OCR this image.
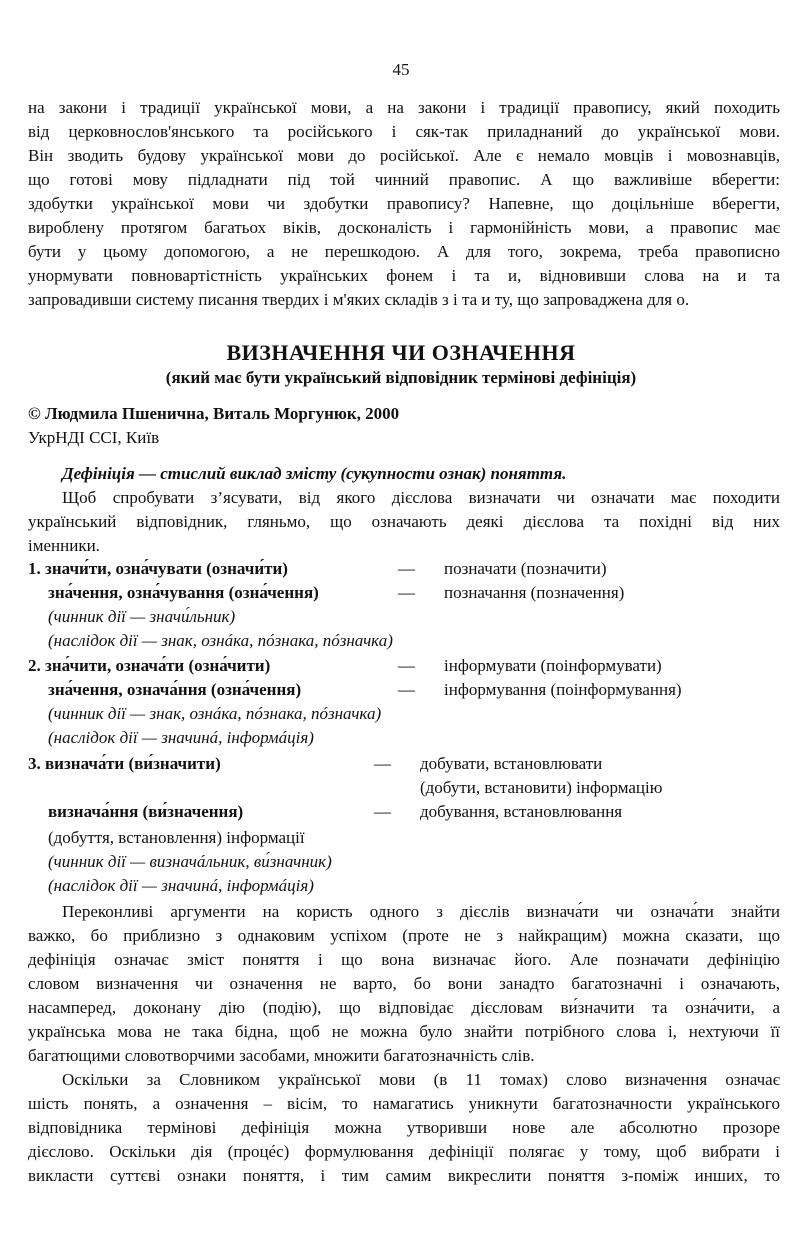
45
на закони і традиції української мови, а на закони і традиції правопису, який походить
від церковнослов'янського та російського і сяк-так приладнаний до української мови.
Він зводить будову української мови до російської. Але є немало мовців і мовознавців,
що готові мову підладнати під той чинний правопис. А що важливіше вберегти:
здобутки української мови чи здобутки правопису? Напевне, що доцільніше вберегти,
вироблену протягом багатьох віків, досконалість і гармонійність мови, а правопис має
бути у цьому допомогою, а не перешкодою. А для того, зокрема, треба правописно
унормувати повновартістність українських фонем і та и, відновивши слова на и та
запровадивши систему писання твердих і м'яких складів з і та и ту, що запроваджена для о.
ВИЗНАЧЕННЯ ЧИ ОЗНАЧЕННЯ
(який має бути український відповідник термінові дефініція)
© Людмила Пшенична, Виталь Моргунюк, 2000
УкрНДІ ССІ, Київ
Дефініція — стислий виклад змісту (сукупности ознак) поняття.
Щоб спробувати з’ясувати, від якого дієслова визначати чи означати має походити
український відповідник, гляньмо, що означають деякі дієслова та похідні від них
іменники.
1. значи́ти, озна́чувати (означи́ти)	— позначати (позначити)
зна́чення, озна́чування (озна́чення)	— позначання (позначення)
(чинник дії — значи́льник)
(наслідок дії — знак, ознáка, пóзнака, пóзначка)
2. зна́чити, означа́ти (озна́чити)	— інформувати (поінформувати)
зна́чення, означа́ння (озна́чення)	— інформування (поінформування)
(чинник дії — знак, ознáка, пóзнака, пóзначка)
(наслідок дії — значинá, інформáція)
3. визнача́ти (ви́значити)	— добувати, встановлювати
(добути, встановити) інформацію
визнача́ння (ви́значення)	— добування, встановлювання
(добуття, встановлення) інформації
(чинник дії — визначáльник, ви́значник)
(наслідок дії — значинá, інформáція)
Переконливі аргументи на користь одного з дієслів визнача́ти чи означа́ти знайти
важко, бо приблизно з однаковим успіхом (проте не з найкращим) можна сказати, що
дефініція означає зміст поняття і що вона визначає його. Але позначати дефініцію
словом визначення чи означення не варто, бо вони занадто багатозначні і означають,
насамперед, доконану дію (подію), що відповідає дієсловам ви́значити та озна́чити, а
українська мова не така бідна, щоб не можна було знайти потрібного слова і, нехтуючи її
багатющими словотворчими засобами, множити багатозначність слів.
Оскільки за Словником української мови (в 11 томах) слово визначення означає
шість понять, а означення – вісім, то намагатись уникнути багатозначности українського
відповідника термінові дефініція можна утворивши нове але абсолютно прозоре
дієслово. Оскільки дія (процéс) формулювання дефініції полягає у тому, щоб вибрати і
викласти суттєві ознаки поняття, і тим самим викреслити поняття з-поміж инших, то
